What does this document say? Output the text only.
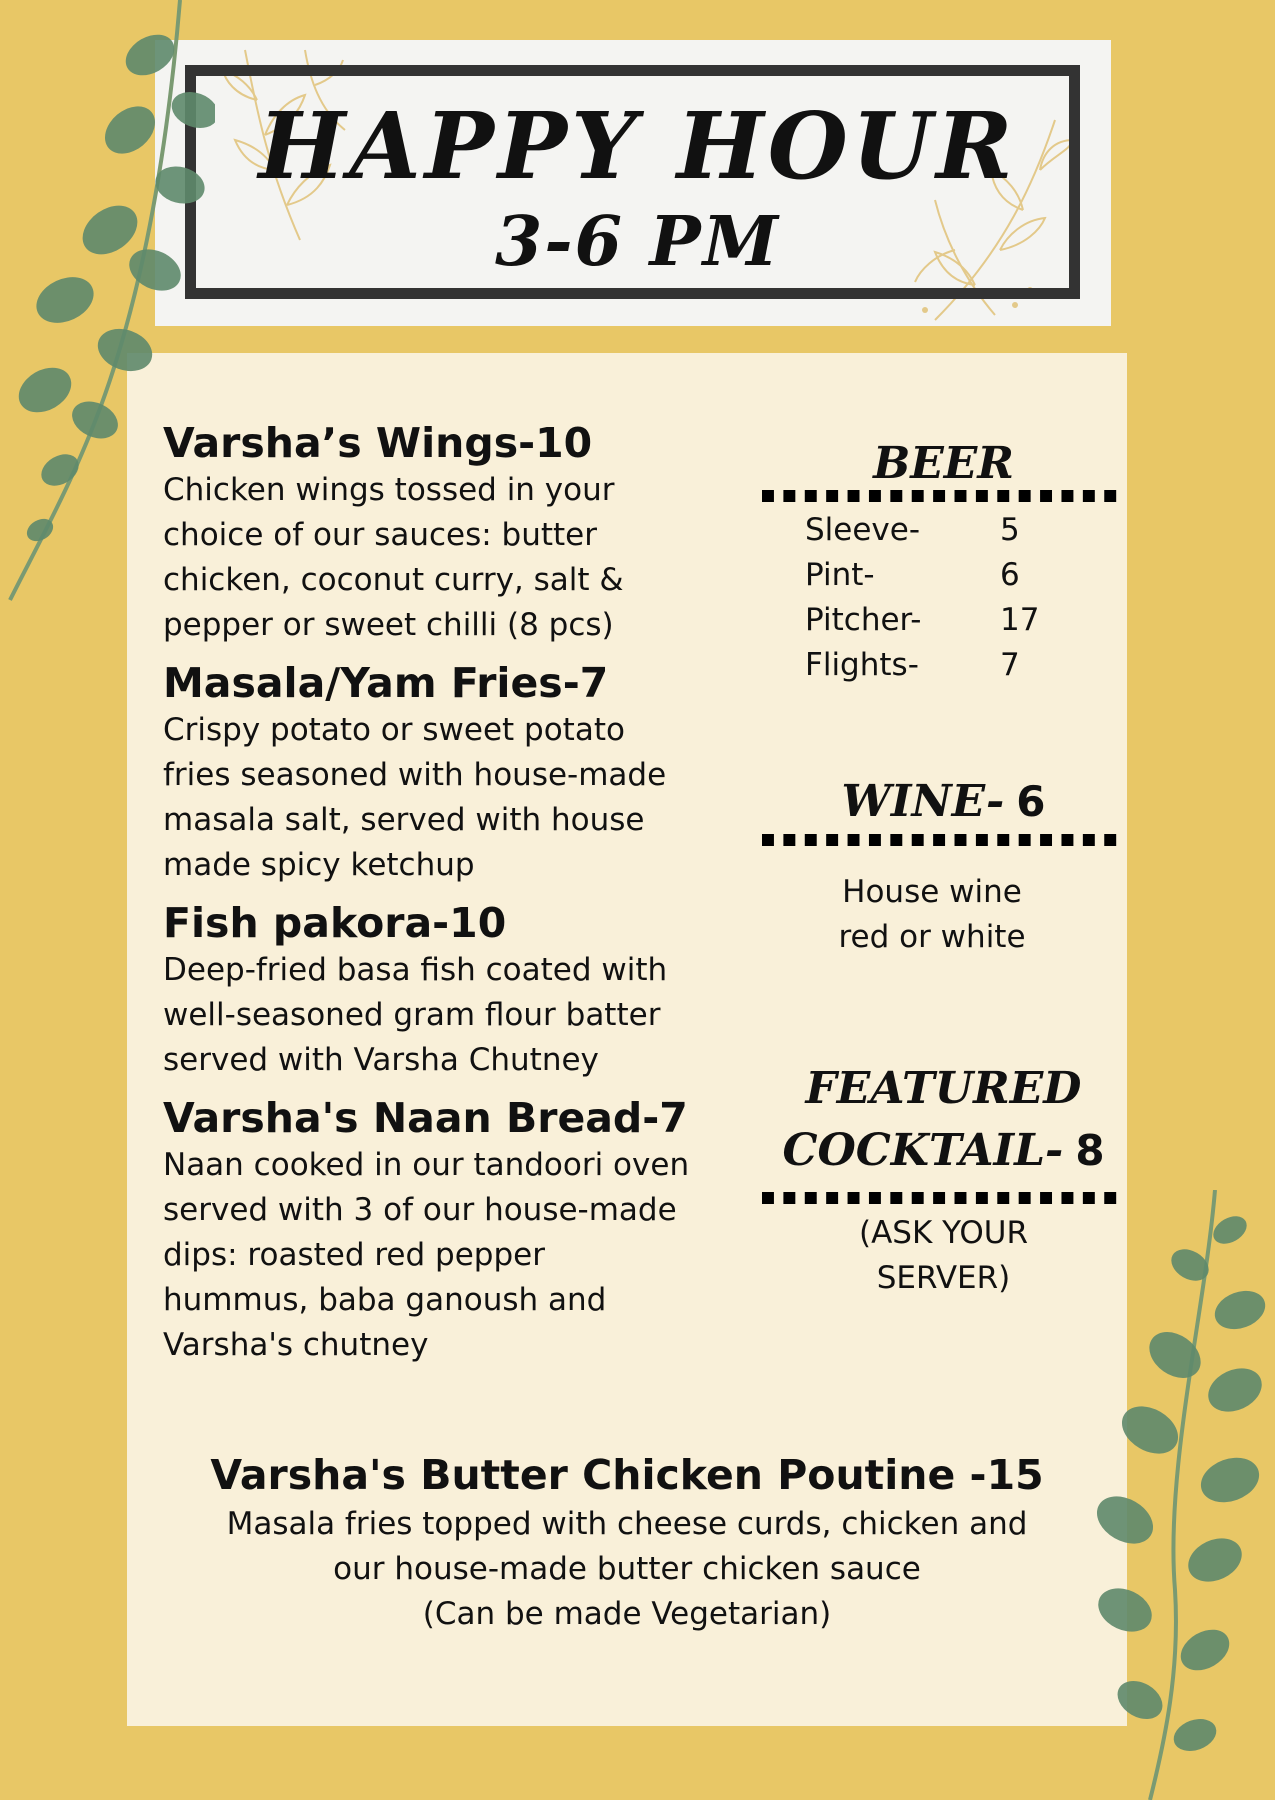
HAPPY HOUR
3-6 PM

Varsha’s Wings-10

Chicken wings tossed in your
choice of our sauces: butter
chicken, coconut curry, salt &
pepper or sweet chilli (8 pcs)

Masala/Yam Fries-7

Crispy potato or sweet potato
fries seasoned with house-made
masala salt, served with house
made spicy ketchup

Fish pakora-10

Deep-fried basa fish coated with
well-seasoned gram flour batter
served with Varsha Chutney

Varsha's Naan Bread-7

Naan cooked in our tandoori oven
served with 3 of our house-made
dips: roasted red pepper
hummus, baba ganoush and
Varsha's chutney

BEER
Sleeve-	5
Pint-	6
Pitcher-	17
Flights-	7
WINE- 6
House wine
red or white
FEATURED
COCKTAIL- 8
(ASK YOUR
SERVER)

Varsha's Butter Chicken Poutine -15

Masala fries topped with cheese curds, chicken and
our house-made butter chicken sauce
(Can be made Vegetarian)
